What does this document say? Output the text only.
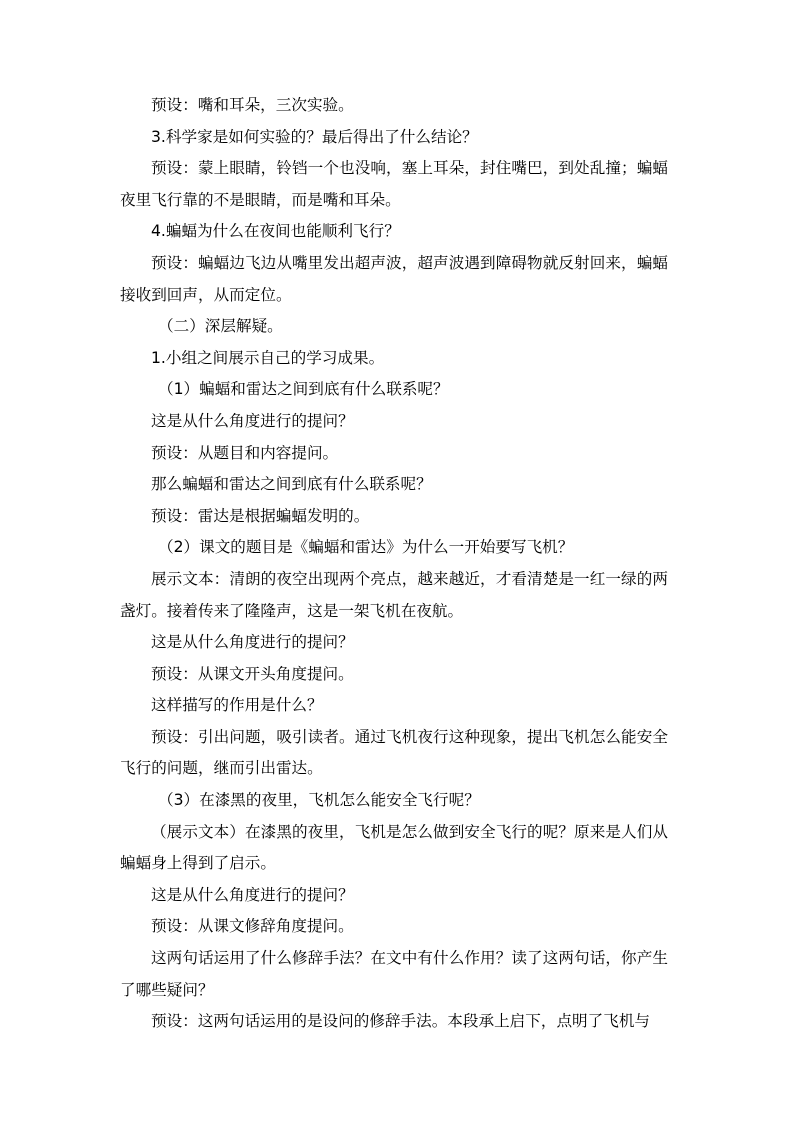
预设：嘴和耳朵，三次实验。

3.科学家是如何实验的？最后得出了什么结论？

预设：蒙上眼睛，铃铛一个也没响，塞上耳朵，封住嘴巴，到处乱撞；蝙蝠夜里飞行靠的不是眼睛，而是嘴和耳朵。

4.蝙蝠为什么在夜间也能顺利飞行？

预设：蝙蝠边飞边从嘴里发出超声波，超声波遇到障碍物就反射回来，蝙蝠接收到回声，从而定位。

（二）深层解疑。

1.小组之间展示自己的学习成果。

（1）蝙蝠和雷达之间到底有什么联系呢？

这是从什么角度进行的提问？

预设：从题目和内容提问。

那么蝙蝠和雷达之间到底有什么联系呢？

预设：雷达是根据蝙蝠发明的。

（2）课文的题目是《蝙蝠和雷达》为什么一开始要写飞机？

展示文本：清朗的夜空出现两个亮点，越来越近，才看清楚是一红一绿的两盏灯。接着传来了隆隆声，这是一架飞机在夜航。

这是从什么角度进行的提问？

预设：从课文开头角度提问。

这样描写的作用是什么？

预设：引出问题，吸引读者。通过飞机夜行这种现象，提出飞机怎么能安全飞行的问题，继而引出雷达。

（3）在漆黑的夜里，飞机怎么能安全飞行呢？

（展示文本）在漆黑的夜里，飞机是怎么做到安全飞行的呢？原来是人们从蝙蝠身上得到了启示。

这是从什么角度进行的提问？

预设：从课文修辞角度提问。

这两句话运用了什么修辞手法？在文中有什么作用？读了这两句话，你产生了哪些疑问？

预设：这两句话运用的是设问的修辞手法。本段承上启下，点明了飞机与
